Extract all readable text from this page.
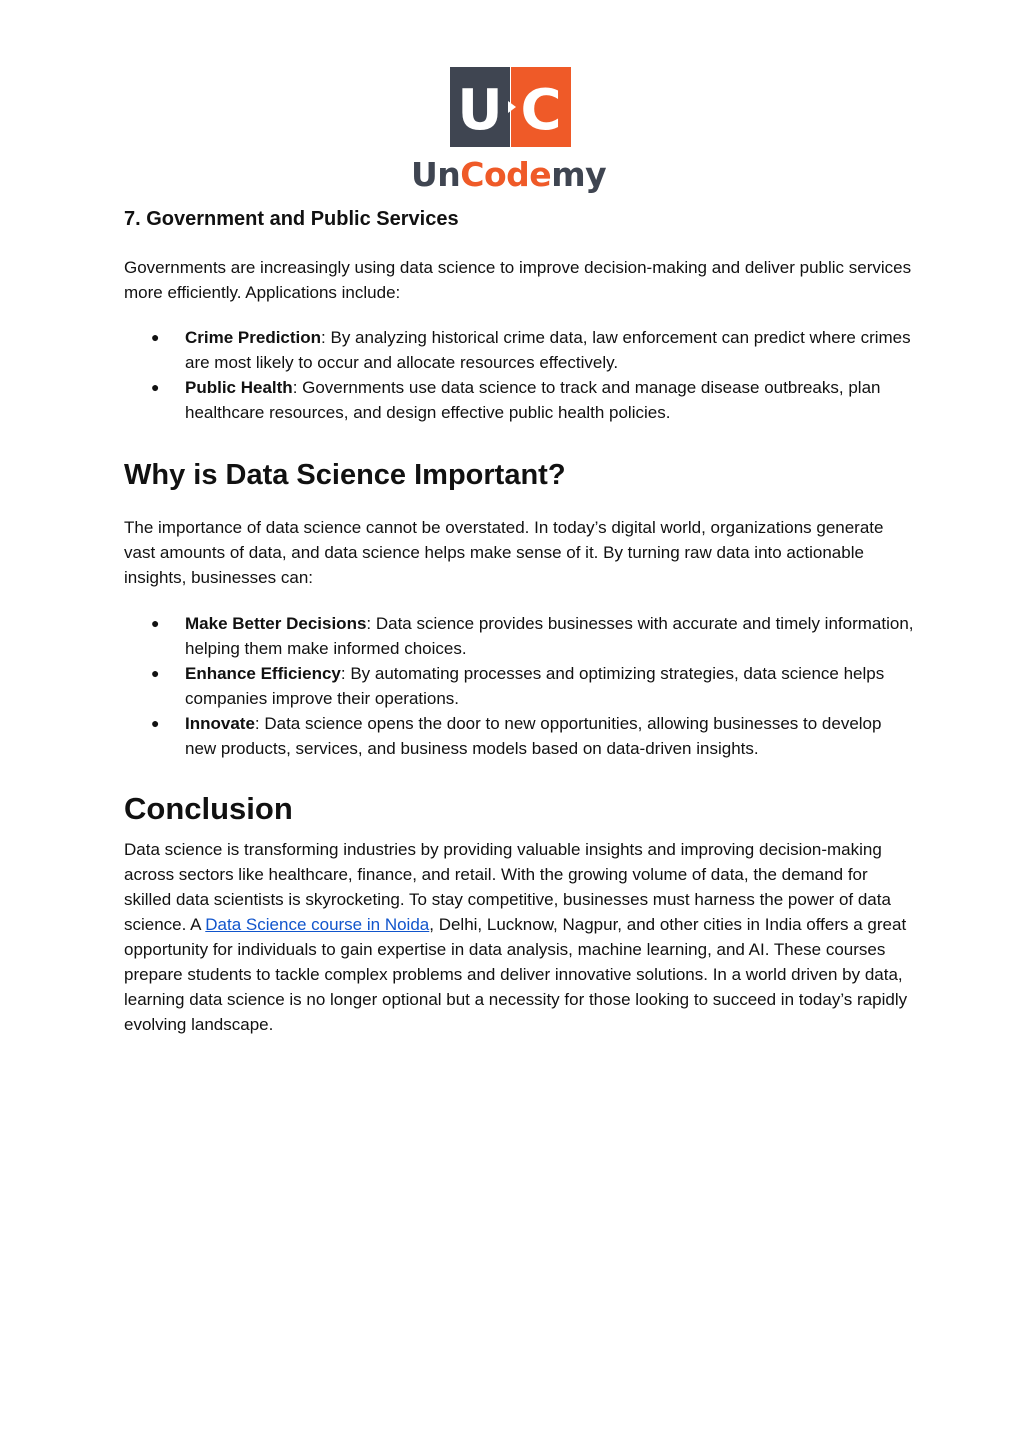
U C
UnCodemy
7. Government and Public Services
Governments are increasingly using data science to improve decision-making and deliver public services more efficiently. Applications include:
●	Crime Prediction: By analyzing historical crime data, law enforcement can predict where crimes are most likely to occur and allocate resources effectively.
●	Public Health: Governments use data science to track and manage disease outbreaks, plan healthcare resources, and design effective public health policies.
Why is Data Science Important?
The importance of data science cannot be overstated. In today’s digital world, organizations generate vast amounts of data, and data science helps make sense of it. By turning raw data into actionable insights, businesses can:
●	Make Better Decisions: Data science provides businesses with accurate and timely information, helping them make informed choices.
●	Enhance Efficiency: By automating processes and optimizing strategies, data science helps companies improve their operations.
●	Innovate: Data science opens the door to new opportunities, allowing businesses to develop new products, services, and business models based on data-driven insights.
Conclusion
Data science is transforming industries by providing valuable insights and improving decision-making across sectors like healthcare, finance, and retail. With the growing volume of data, the demand for skilled data scientists is skyrocketing. To stay competitive, businesses must harness the power of data science. A Data Science course in Noida, Delhi, Lucknow, Nagpur, and other cities in India offers a great opportunity for individuals to gain expertise in data analysis, machine learning, and AI. These courses prepare students to tackle complex problems and deliver innovative solutions. In a world driven by data, learning data science is no longer optional but a necessity for those looking to succeed in today’s rapidly evolving landscape.
